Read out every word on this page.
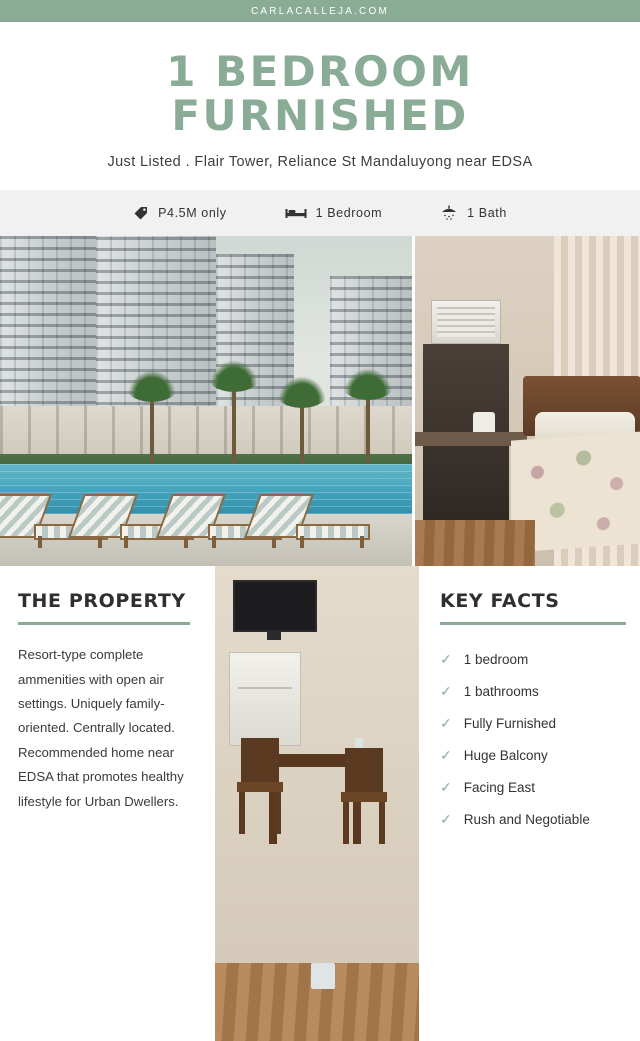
CARLACALLEJA.COM
1 BEDROOM FURNISHED

Just Listed . Flair Tower, Reliance St Mandaluyong near EDSA

P4.5M only	1 Bedroom	1 Bath
THE PROPERTY

Resort-type complete ammenities with open air settings. Uniquely family-oriented. Centrally located. Recommended home near EDSA that promotes healthy lifestyle for Urban Dwellers.

KEY FACTS
✓ 1 bedroom
✓ 1 bathrooms
✓ Fully Furnished
✓ Huge Balcony
✓ Facing East
✓ Rush and Negotiable
